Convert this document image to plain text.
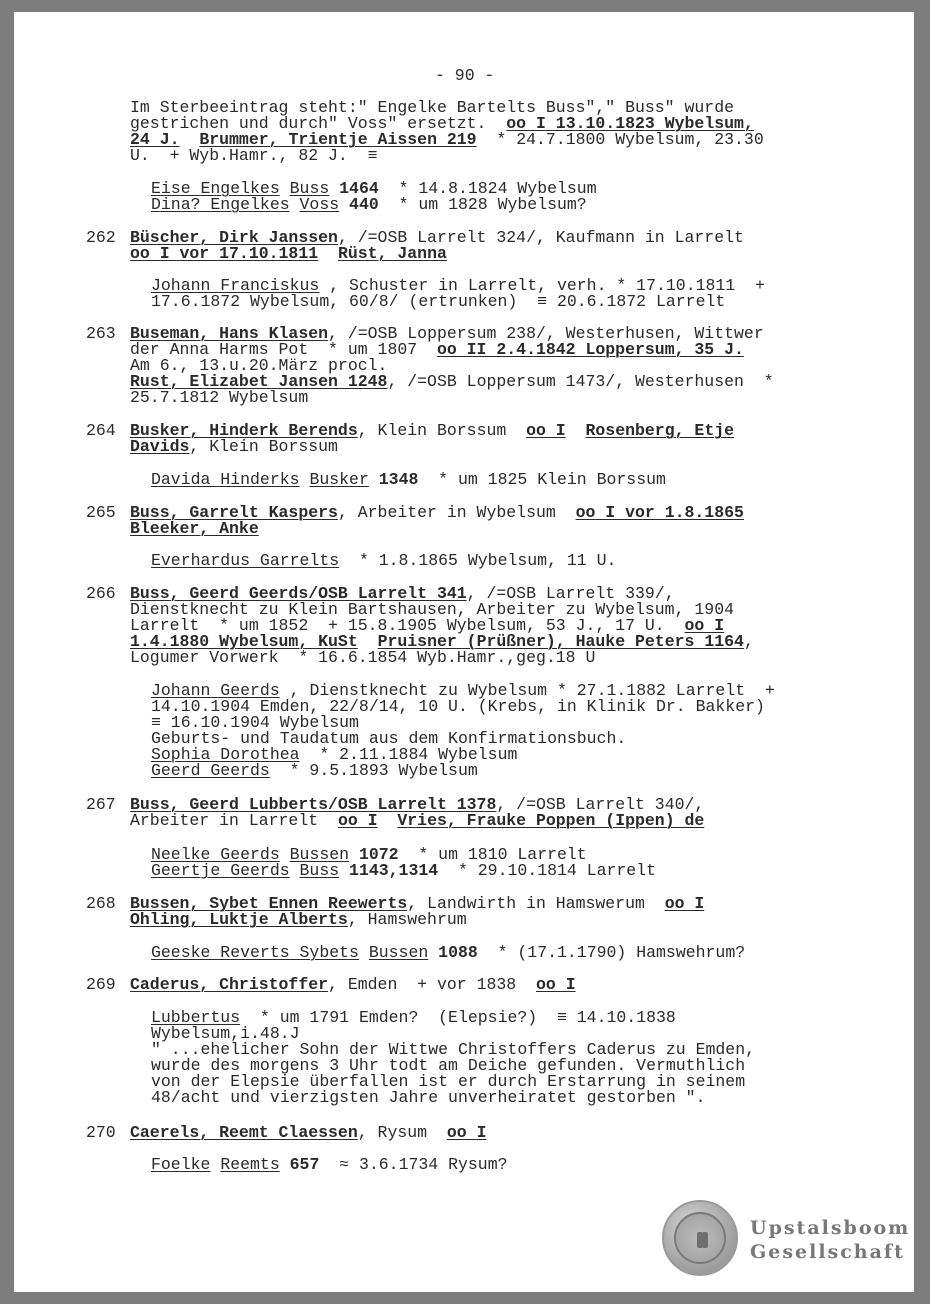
- 90 -
Im Sterbeeintrag steht:" Engelke Bartelts Buss"," Buss" wurde
gestrichen und durch" Voss" ersetzt. oo I 13.10.1823 Wybelsum,
24 J. Brummer, Trientje Aissen 219 * 24.7.1800 Wybelsum, 23.30
U.  + Wyb.Hamr., 82 J.  ≡
Eise Engelkes Buss 1464  * 14.8.1824 Wybelsum
Dina? Engelkes Voss 440  * um 1828 Wybelsum?
262 Büscher, Dirk Janssen, /=OSB Larrelt 324/, Kaufmann in Larrelt
oo I vor 17.10.1811 Rüst, Janna
Johann Franciskus , Schuster in Larrelt, verh. * 17.10.1811  +
17.6.1872 Wybelsum, 60/8/ (ertrunken)  ≡ 20.6.1872 Larrelt
263 Buseman, Hans Klasen, /=OSB Loppersum 238/, Westerhusen, Wittwer
der Anna Harms Pot  * um 1807  oo II 2.4.1842 Loppersum, 35 J.
Am 6., 13.u.20.März procl.
Rust, Elizabet Jansen 1248, /=OSB Loppersum 1473/, Westerhusen  *
25.7.1812 Wybelsum
264 Busker, Hinderk Berends, Klein Borssum  oo I Rosenberg, Etje
Davids, Klein Borssum
Davida Hinderks Busker 1348  * um 1825 Klein Borssum
265 Buss, Garrelt Kaspers, Arbeiter in Wybelsum  oo I vor 1.8.1865
Bleeker, Anke
Everhardus Garrelts  * 1.8.1865 Wybelsum, 11 U.
266 Buss, Geerd Geerds/OSB Larrelt 341, /=OSB Larrelt 339/,
Dienstknecht zu Klein Bartshausen, Arbeiter zu Wybelsum, 1904
Larrelt  * um 1852  + 15.8.1905 Wybelsum, 53 J., 17 U.  oo I
1.4.1880 Wybelsum, KuSt Pruisner (Prüßner), Hauke Peters 1164,
Logumer Vorwerk  * 16.6.1854 Wyb.Hamr.,geg.18 U
Johann Geerds , Dienstknecht zu Wybelsum * 27.1.1882 Larrelt  +
14.10.1904 Emden, 22/8/14, 10 U. (Krebs, in Klinik Dr. Bakker)
≡ 16.10.1904 Wybelsum
Geburts- und Taudatum aus dem Konfirmationsbuch.
Sophia Dorothea  * 2.11.1884 Wybelsum
Geerd Geerds  * 9.5.1893 Wybelsum
267 Buss, Geerd Lubberts/OSB Larrelt 1378, /=OSB Larrelt 340/,
Arbeiter in Larrelt  oo I Vries, Frauke Poppen (Ippen) de
Neelke Geerds Bussen 1072  * um 1810 Larrelt
Geertje Geerds Buss 1143,1314  * 29.10.1814 Larrelt
268 Bussen, Sybet Ennen Reewerts, Landwirth in Hamswerum  oo I
Ohling, Luktje Alberts, Hamswehrum
Geeske Reverts Sybets Bussen 1088  * (17.1.1790) Hamswehrum?
269 Caderus, Christoffer, Emden  + vor 1838  oo I
Lubbertus  * um 1791 Emden?  (Elepsie?)  ≡ 14.10.1838
Wybelsum,i.48.J
" ...ehelicher Sohn der Wittwe Christoffers Caderus zu Emden,
wurde des morgens 3 Uhr todt am Deiche gefunden. Vermuthlich
von der Elepsie überfallen ist er durch Erstarrung in seinem
48/acht und vierzigsten Jahre unverheiratet gestorben ".
270 Caerels, Reemt Claessen, Rysum  oo I
Foelke Reemts 657  ≈ 3.6.1734 Rysum?
Upstalsboom
Gesellschaft
